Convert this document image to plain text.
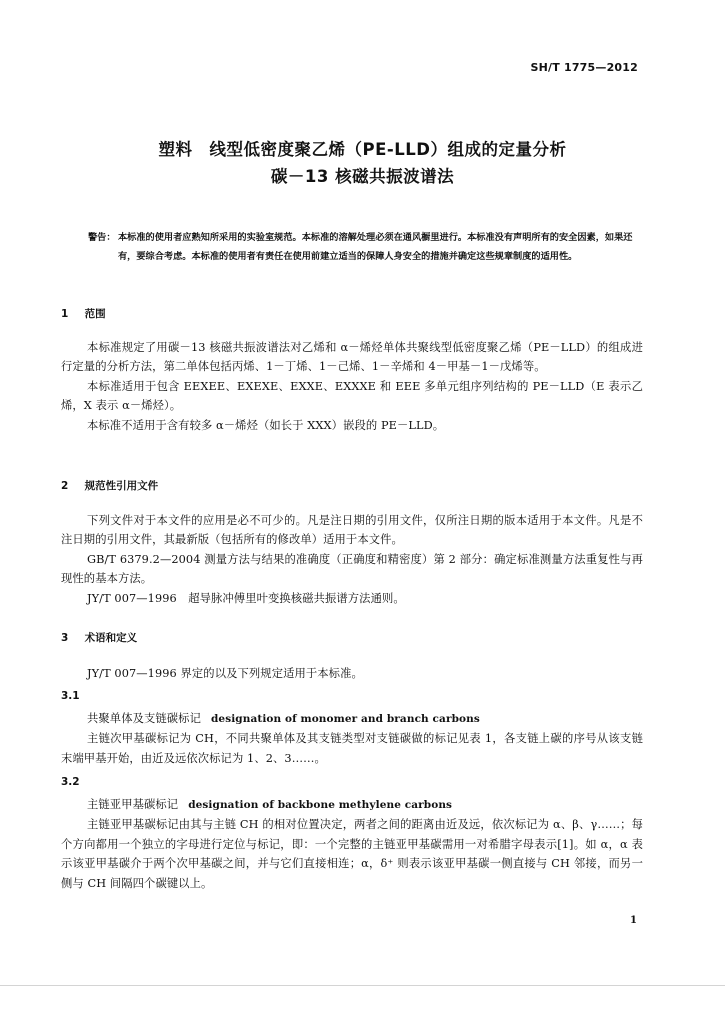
SH/T 1775—2012
塑料　线型低密度聚乙烯（PE-LLD）组成的定量分析
碳－13 核磁共振波谱法
警告： 本标准的使用者应熟知所采用的实验室规范。本标准的溶解处理必须在通风橱里进行。本标准没有声明所有的安全因素，如果还有，要综合考虑。本标准的使用者有责任在使用前建立适当的保障人身安全的措施并确定这些规章制度的适用性。
1 范围

本标准规定了用碳－13 核磁共振波谱法对乙烯和 α－烯烃单体共聚线型低密度聚乙烯（PE－LLD）的组成进行定量的分析方法，第二单体包括丙烯、1－丁烯、1－己烯、1－辛烯和 4－甲基－1－戊烯等。

本标准适用于包含 EEXEE、EXEXE、EXXE、EXXXE 和 EEE 多单元组序列结构的 PE－LLD（E 表示乙烯，X 表示 α－烯烃）。

本标准不适用于含有较多 α－烯烃（如长于 XXX）嵌段的 PE－LLD。

2 规范性引用文件

下列文件对于本文件的应用是必不可少的。凡是注日期的引用文件，仅所注日期的版本适用于本文件。凡是不注日期的引用文件，其最新版（包括所有的修改单）适用于本文件。

GB/T 6379.2—2004 测量方法与结果的准确度（正确度和精密度）第 2 部分：确定标准测量方法重复性与再现性的基本方法。

JY/T 007—1996　超导脉冲傅里叶变换核磁共振谱方法通则。

3 术语和定义

JY/T 007—1996 界定的以及下列规定适用于本标准。

3.1

共聚单体及支链碳标记 designation of monomer and branch carbons

主链次甲基碳标记为 CH，不同共聚单体及其支链类型对支链碳做的标记见表 1，各支链上碳的序号从该支链末端甲基开始，由近及远依次标记为 1、2、3……。

3.2

主链亚甲基碳标记 designation of backbone methylene carbons

主链亚甲基碳标记由其与主链 CH 的相对位置决定，两者之间的距离由近及远，依次标记为 α、β、γ……；每个方向都用一个独立的字母进行定位与标记，即：一个完整的主链亚甲基碳需用一对希腊字母表示[1]。如 α，α 表示该亚甲基碳介于两个次甲基碳之间，并与它们直接相连；α，δ⁺ 则表示该亚甲基碳一侧直接与 CH 邻接，而另一侧与 CH 间隔四个碳键以上。

1
